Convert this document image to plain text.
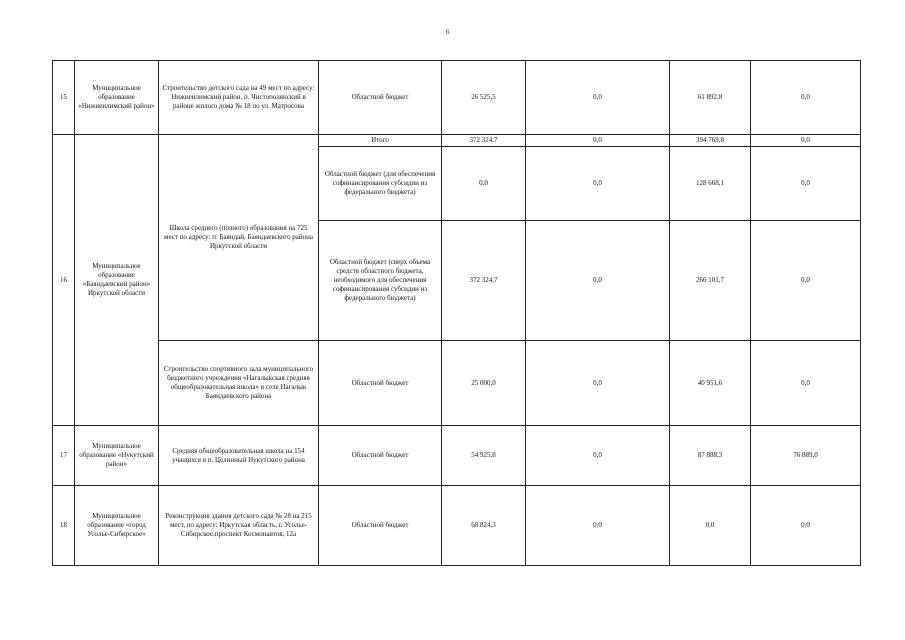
6
15	Муниципальное образование «Нижнеилимский район»	Строительство детского сада на 49 мест по адресу: Нижнеилимский район, п. Чистополянский в районе жилого дома № 18 по ул. Матросова	Областной бюджет	26 525,5	0,0	61 892,8	0,0
16	Муниципальное образование «Баяндаевский район» Иркутской области	Школа среднего (полного) образования на 725 мест по адресу: п. Баяндай, Баяндаевского района Иркутской области	Итого	372 324,7	0,0	394 769,8	0,0
			Областной бюджет (для обеспечения софинансирования субсидии из федерального бюджета)	0,0	0,0	128 668,1	0,0
			Областной бюджет (сверх объема средств областного бюджета, необходимого для обеспечения софинансирования субсидии из федерального бюджета)	372 324,7	0,0	266 101,7	0,0
		Строительство спортивного зала муниципального бюджетного учреждения «Нагалыкская средняя общеобразовательная школа» в селе Нагалык Баяндаевского района	Областной бюджет	25 000,0	0,0	40 951,6	0,0
17	Муниципальное образование «Нукутский район»	Средняя общеобразовательная школа на 154 учащихся в п. Целинный Нукутского района	Областной бюджет	54 925,8	0,0	87 888,3	76 889,0
18	Муниципальное образование «город Усолье-Сибирское»	Реконструкция здания детского сада № 28 на 215 мест, по адресу: Иркутская область, г. Усолье-Сибирское,проспект Космонавтов, 12а	Областной бюджет	68 824,3	0,0	0,0	0,0
